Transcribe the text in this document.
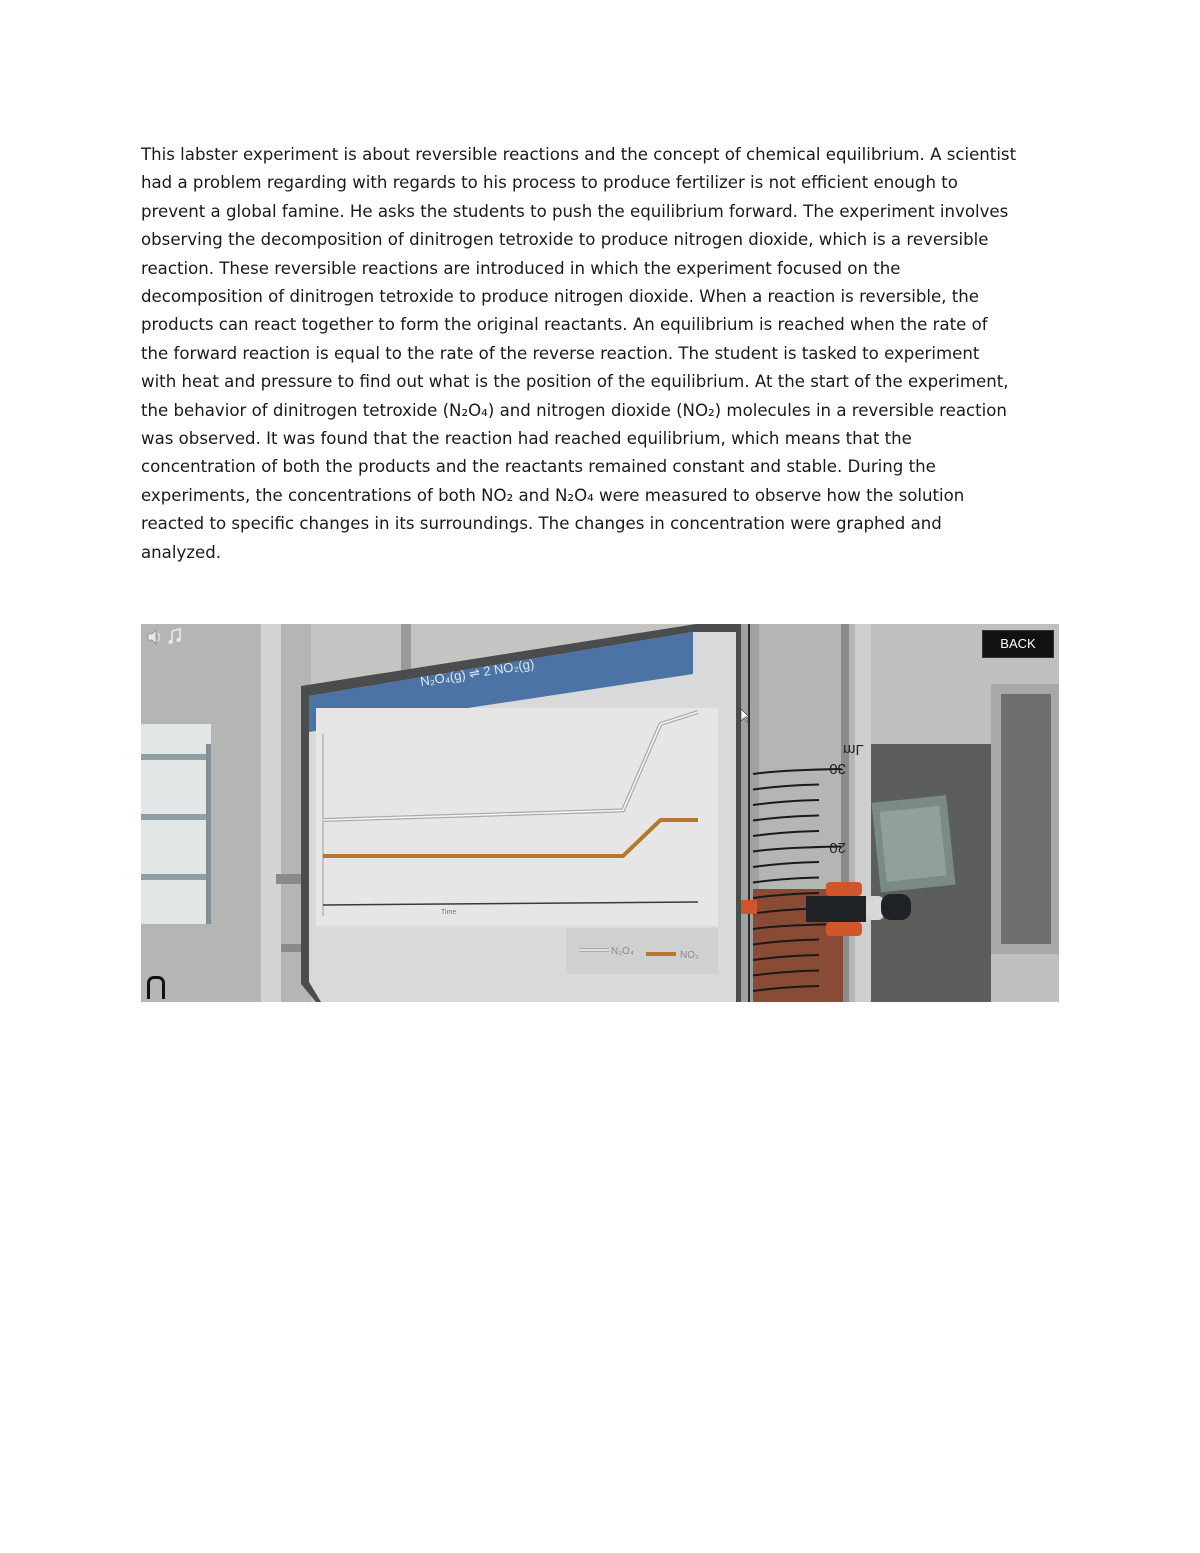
This labster experiment is about reversible reactions and the concept of chemical equilibrium. A scientist
had a problem regarding with regards to his process to produce fertilizer is not efficient enough to
prevent a global famine. He asks the students to push the equilibrium forward. The experiment involves
observing the decomposition of dinitrogen tetroxide to produce nitrogen dioxide, which is a reversible
reaction. These reversible reactions are introduced in which the experiment focused on the
decomposition of dinitrogen tetroxide to produce nitrogen dioxide. When a reaction is reversible, the
products can react together to form the original reactants. An equilibrium is reached when the rate of
the forward reaction is equal to the rate of the reverse reaction. The student is tasked to experiment
with heat and pressure to find out what is the position of the equilibrium. At the start of the experiment,
the behavior of dinitrogen tetroxide (N₂O₄) and nitrogen dioxide (NO₂) molecules in a reversible reaction
was observed. It was found that the reaction had reached equilibrium, which means that the
concentration of both the products and the reactants remained constant and stable. During the
experiments, the concentrations of both NO₂ and N₂O₄ were measured to observe how the solution
reacted to specific changes in its surroundings. The changes in concentration were graphed and
analyzed.
N₂O₄(g) ⇌ 2 NO₂(g)
Time
N₂O₄	NO₂
mL
30
20
BACK
